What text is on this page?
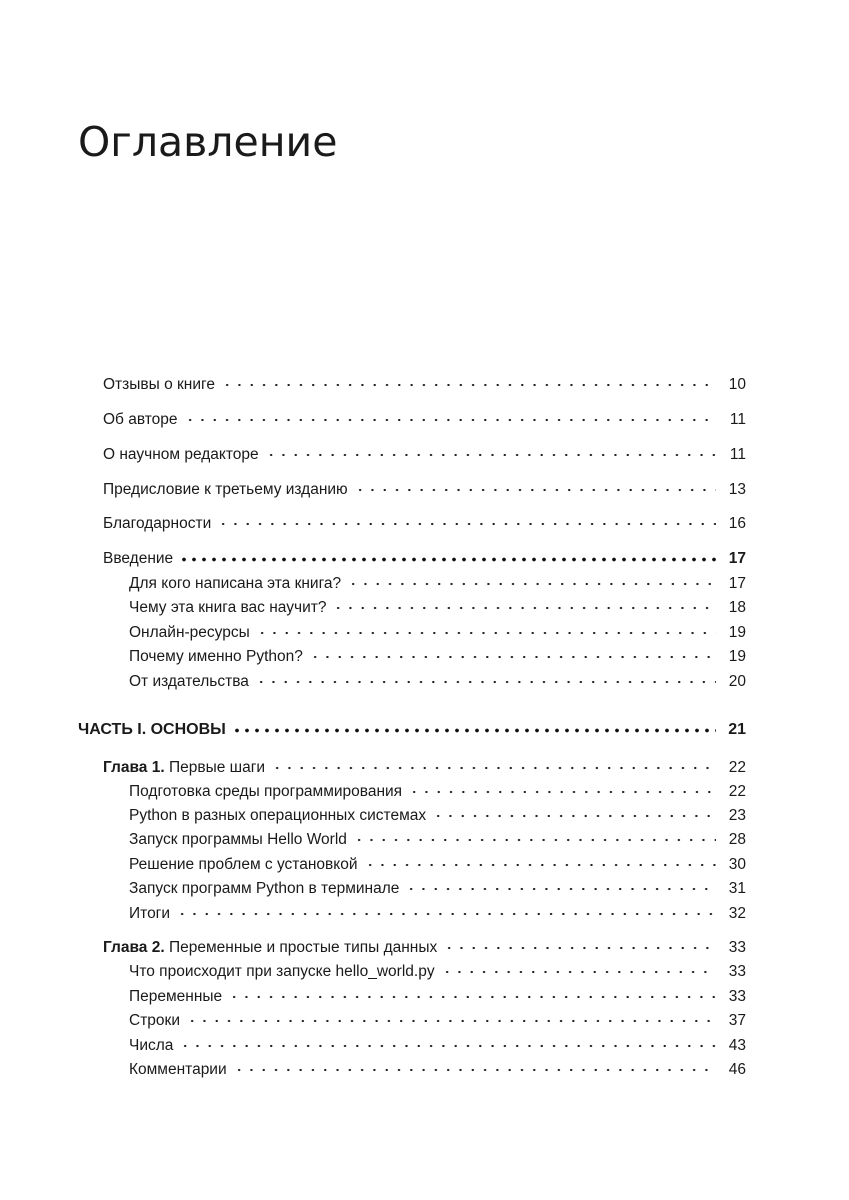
Оглавление
Отзывы о книге	10
Об авторе	11
О научном редакторе	11
Предисловие к третьему изданию	13
Благодарности	16
Введение	17
Для кого написана эта книга?	17
Чему эта книга вас научит?	18
Онлайн-ресурсы	19
Почему именно Python?	19
От издательства	20
ЧАСТЬ I. ОСНОВЫ	21
Глава 1. Первые шаги	22
Подготовка среды программирования	22
Python в разных операционных системах	23
Запуск программы Hello World	28
Решение проблем с установкой	30
Запуск программ Python в терминале	31
Итоги	32
Глава 2. Переменные и простые типы данных	33
Что происходит при запуске hello_world.py	33
Переменные	33
Строки	37
Числа	43
Комментарии	46
